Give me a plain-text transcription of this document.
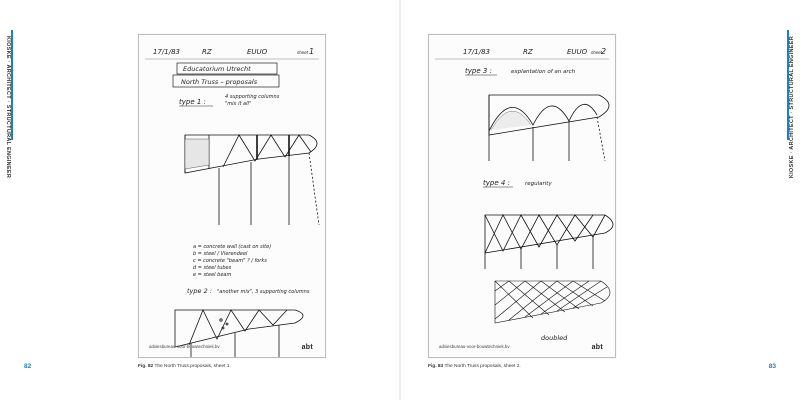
KIOSKE · ARCHITECT · STRUCTURAL ENGINEER	KIOSKE · ARCHITECT · STRUCTURAL ENGINEER
17/1/83	RZ	EUUO	sheet 1
Educatorium Utrecht
North Truss – proposals
type 1 :
4 supporting columns
"mix it all"
a = concrete wall (cast on site)
b = steel / Vierendeel
c = concrete "beam" ? / forks
d = steel tubes
e = steel beam
type 2 : "another mix", 3 supporting columns
adviesbureau-voor-bouwtechniek.bv	abt
17/1/83	RZ	EUUO sheet
2
type 3 :	explantation of an arch
type 4 :	regularity
doubled
adviesbureau-voor-bouwtechniek.bv	abt
Fig. 82 The North Truss proposals, sheet 1.	Fig. 83 The North Truss proposals, sheet 2.
82	83
